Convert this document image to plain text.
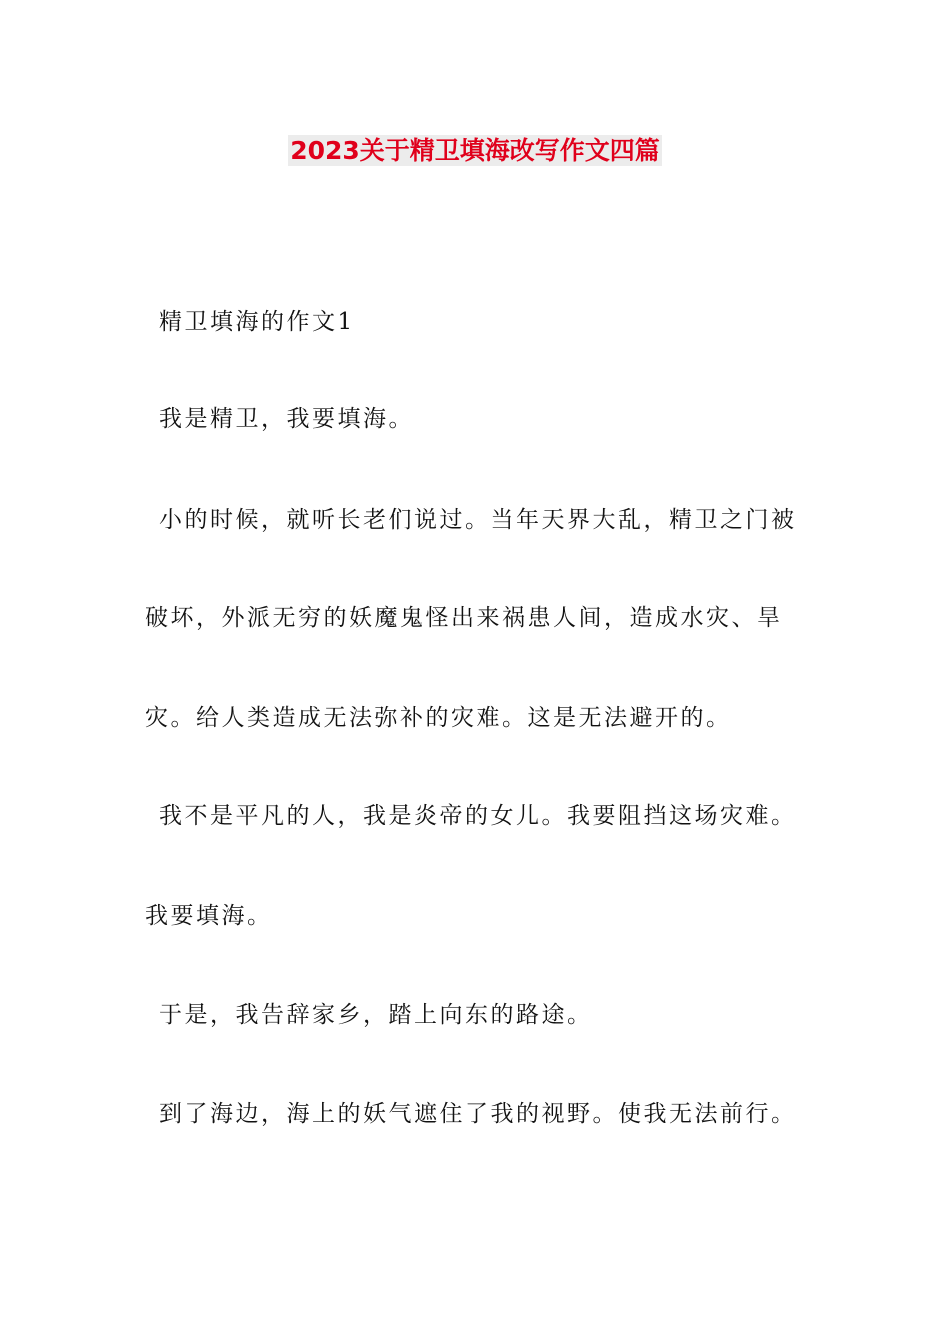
2023关于精卫填海改写作文四篇
精卫填海的作文1
我是精卫，我要填海。
小的时候，就听长老们说过。当年天界大乱，精卫之门被
破坏，外派无穷的妖魔鬼怪出来祸患人间，造成水灾、旱
灾。给人类造成无法弥补的灾难。这是无法避开的。
我不是平凡的人，我是炎帝的女儿。我要阻挡这场灾难。
我要填海。
于是，我告辞家乡，踏上向东的路途。
到了海边，海上的妖气遮住了我的视野。使我无法前行。
